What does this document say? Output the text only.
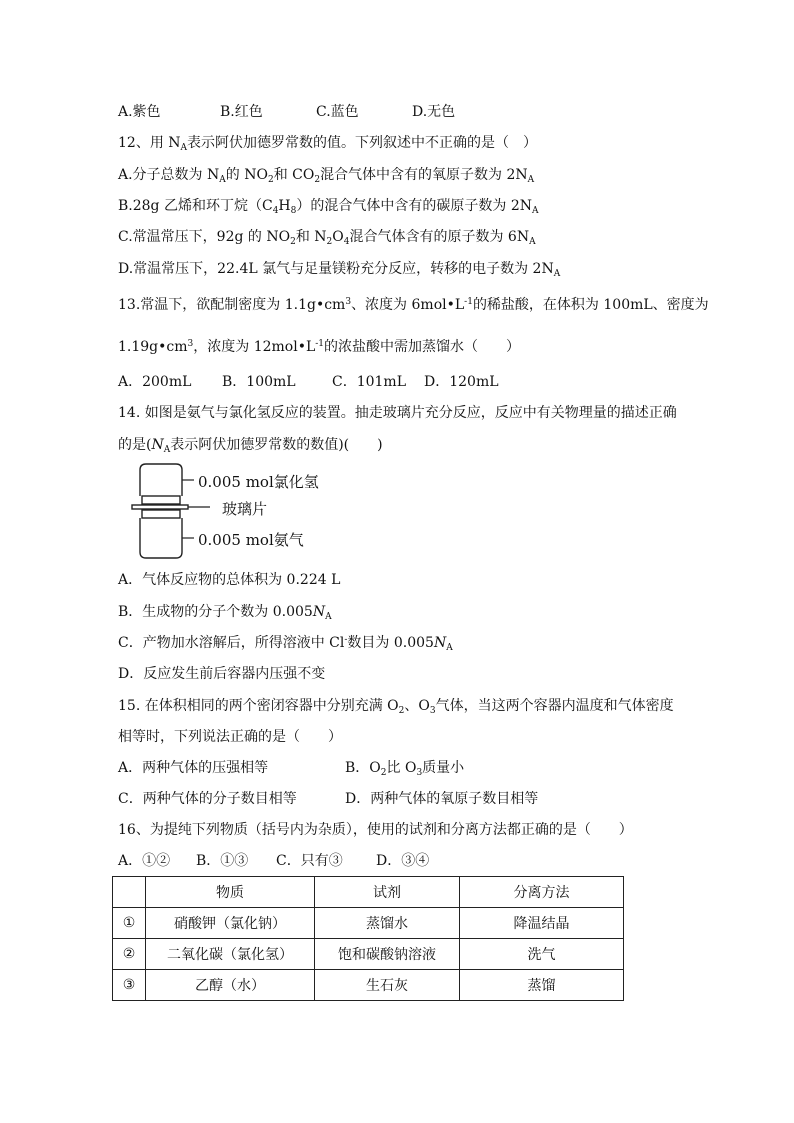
A.紫色	B.红色	C.蓝色	D.无色
12、用 $N_A$表示阿伏加德罗常数的值。下列叙述中不正确的是（　）
A.分子总数为 $N_A$的 $NO_2$和 $CO_2$混合气体中含有的氧原子数为 $2N_A$
B.28g 乙烯和环丁烷$(C_4H_8)$的混合气体中含有的碳原子数为 $2N_A$
C.常温常压下，92g 的 $NO_2$和 $N_2O_4$混合气体含有的原子数为 $6N_A$
D.常温常压下，22.4L 氯气与足量镁粉充分反应，转移的电子数为 $2N_A$
13.常温下，欲配制密度为 $1.1g•cm^3$、浓度为 $6mol•L^{-1}$的稀盐酸，在体积为 100mL、密度为
$1.19g•cm^3$，浓度为 $12mol•L^{-1}$的浓盐酸中需加蒸馏水（　　）
A．200mL B．100mL	C．101mL D．120mL
14. 如图是氨气与氯化氢反应的装置。抽走玻璃片充分反应，反应中有关物理量的描述正确
的是($N_A$表示阿伏加德罗常数的数值)(　　)
0.005 mol氯化氢
玻璃片
0.005 mol氨气
A．气体反应物的总体积为 0.224 L
B．生成物的分子个数为 $0.005N_A$
C．产物加水溶解后，所得溶液中 Cl-数目为 $0.005N_A$
D．反应发生前后容器内压强不变
15. 在体积相同的两个密闭容器中分别充满 $O_2$、$O_3$气体，当这两个容器内温度和气体密度
相等时，下列说法正确的是（　　）
A．两种气体的压强相等	B．$O_2$比 $O_3$质量小
C．两种气体的分子数目相等	D．两种气体的氧原子数目相等
16、为提纯下列物质（括号内为杂质），使用的试剂和分离方法都正确的是（　　）
A．①② B．①③ C．只有③ D．③④
	物质	试剂	分离方法
①	硝酸钾（氯化钠）	蒸馏水	降温结晶
②	二氧化碳（氯化氢）	饱和碳酸钠溶液	洗气
③	乙醇（水）	生石灰	蒸馏
